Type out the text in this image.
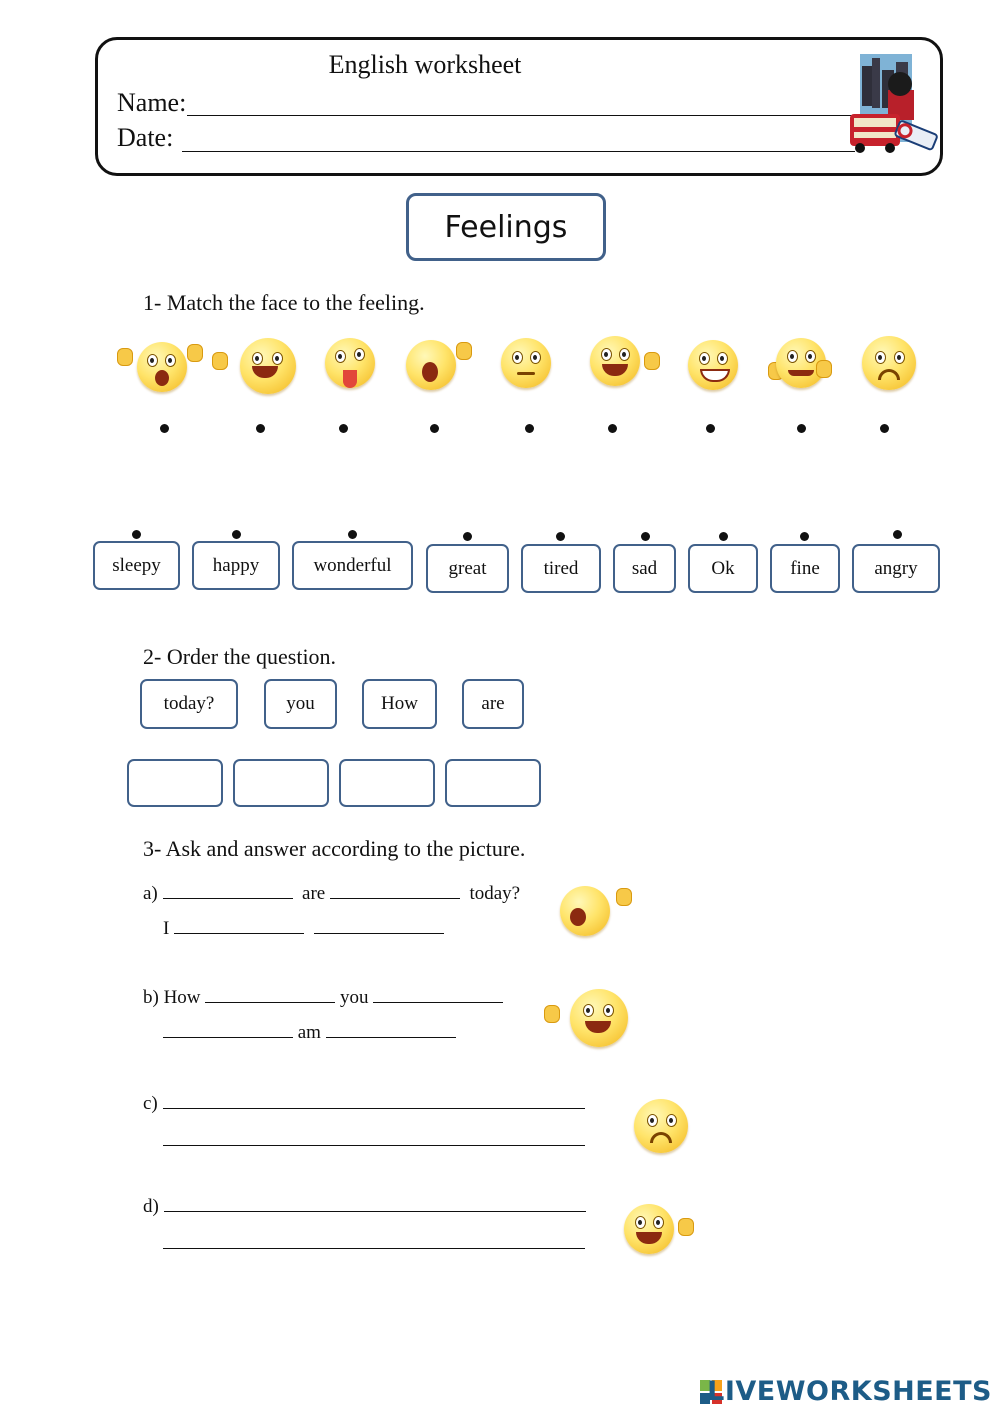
English worksheet
Name:
Date:
Feelings
1- Match the face to the feeling.
sleepy	happy	wonderful	great	tired	sad	Ok	fine	angry
2- Order the question.
today?	you	How	are
3- Ask and answer according to the picture.
a)	are	today?
I
b) How	you
am
c)
d)
LIVEWORKSHEETS
